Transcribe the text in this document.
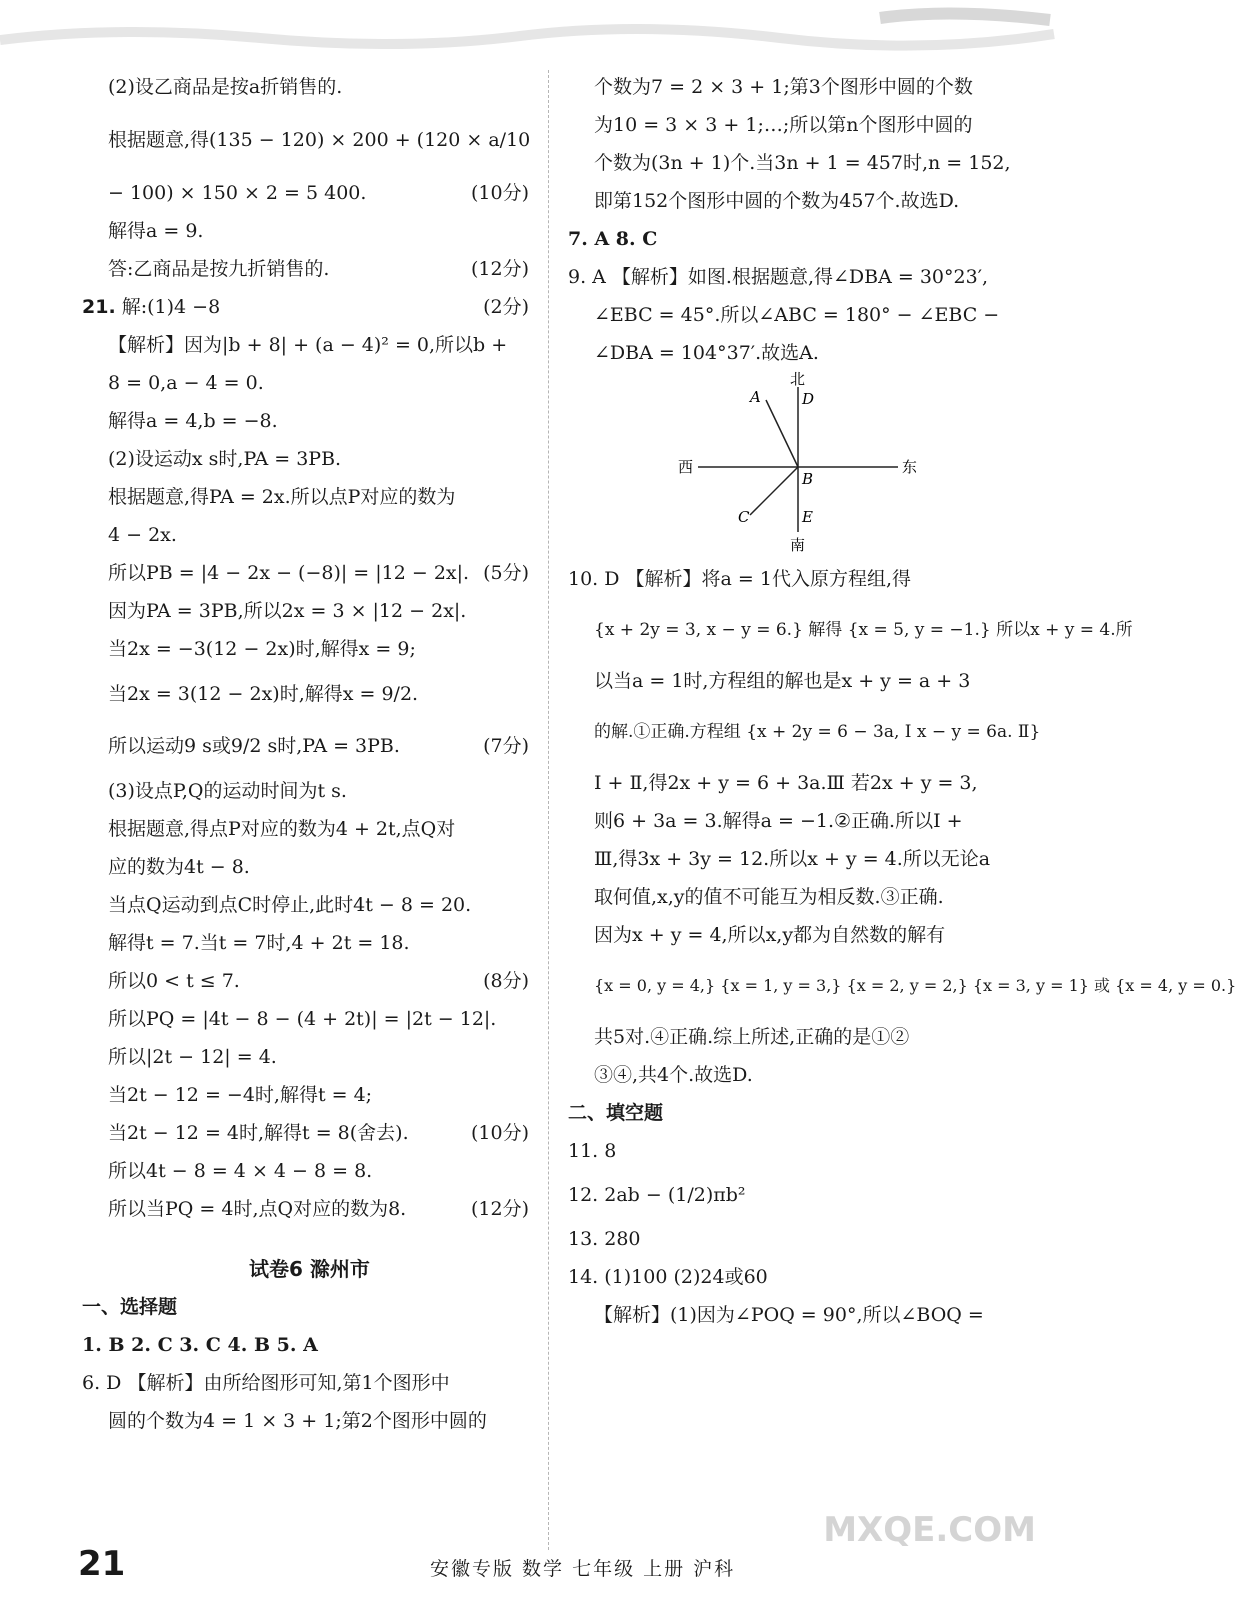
(2)设乙商品是按a折销售的.
根据题意,得(135 − 120) × 200 + (120 × a/10
− 100) × 150 × 2 = 5 400.	(10分)
解得a = 9.
答:乙商品是按九折销售的.	(12分)
21. 解:(1)4 −8	(2分)
【解析】因为|b + 8| + (a − 4)² = 0,所以b +
8 = 0,a − 4 = 0.
解得a = 4,b = −8.
(2)设运动x s时,PA = 3PB.
根据题意,得PA = 2x.所以点P对应的数为
4 − 2x.
所以PB = |4 − 2x − (−8)| = |12 − 2x|. (5分)
因为PA = 3PB,所以2x = 3 × |12 − 2x|.
当2x = −3(12 − 2x)时,解得x = 9;
当2x = 3(12 − 2x)时,解得x = 9/2.
所以运动9 s或9/2 s时,PA = 3PB.	(7分)
(3)设点P,Q的运动时间为t s.
根据题意,得点P对应的数为4 + 2t,点Q对
应的数为4t − 8.
当点Q运动到点C时停止,此时4t − 8 = 20.
解得t = 7.当t = 7时,4 + 2t = 18.
所以0 < t ≤ 7.	(8分)
所以PQ = |4t − 8 − (4 + 2t)| = |2t − 12|.
所以|2t − 12| = 4.
当2t − 12 = −4时,解得t = 4;
当2t − 12 = 4时,解得t = 8(舍去).	(10分)
所以4t − 8 = 4 × 4 − 8 = 8.
所以当PQ = 4时,点Q对应的数为8.	(12分)
试卷6 滁州市
一、选择题
1. B 2. C 3. C 4. B 5. A
6. D 【解析】由所给图形可知,第1个图形中
圆的个数为4 = 1 × 3 + 1;第2个图形中圆的
个数为7 = 2 × 3 + 1;第3个图形中圆的个数
为10 = 3 × 3 + 1;…;所以第n个图形中圆的
个数为(3n + 1)个.当3n + 1 = 457时,n = 152,
即第152个图形中圆的个数为457个.故选D.
7. A 8. C
9. A 【解析】如图.根据题意,得∠DBA = 30°23′,
∠EBC = 45°.所以∠ABC = 180° − ∠EBC −
∠DBA = 104°37′.故选A.
北
南
西	东
A
B
C
D
E
10. D 【解析】将a = 1代入原方程组,得
{x + 2y = 3, x − y = 6.} 解得 {x = 5, y = −1.} 所以x + y = 4.所
以当a = 1时,方程组的解也是x + y = a + 3
的解.①正确.方程组 {x + 2y = 6 − 3a, Ⅰ x − y = 6a. Ⅱ}
Ⅰ + Ⅱ,得2x + y = 6 + 3a.Ⅲ 若2x + y = 3,
则6 + 3a = 3.解得a = −1.②正确.所以Ⅰ +
Ⅲ,得3x + 3y = 12.所以x + y = 4.所以无论a
取何值,x,y的值不可能互为相反数.③正确.
因为x + y = 4,所以x,y都为自然数的解有
{x = 0, y = 4,} {x = 1, y = 3,} {x = 2, y = 2,} {x = 3, y = 1} 或 {x = 4, y = 0.}
共5对.④正确.综上所述,正确的是①②
③④,共4个.故选D.
二、填空题
11. 8
12. 2ab − (1/2)πb²
13. 280
14. (1)100 (2)24或60
【解析】(1)因为∠POQ = 90°,所以∠BOQ =
MXQE.COM
21	安徽专版 数学 七年级 上册 沪科
